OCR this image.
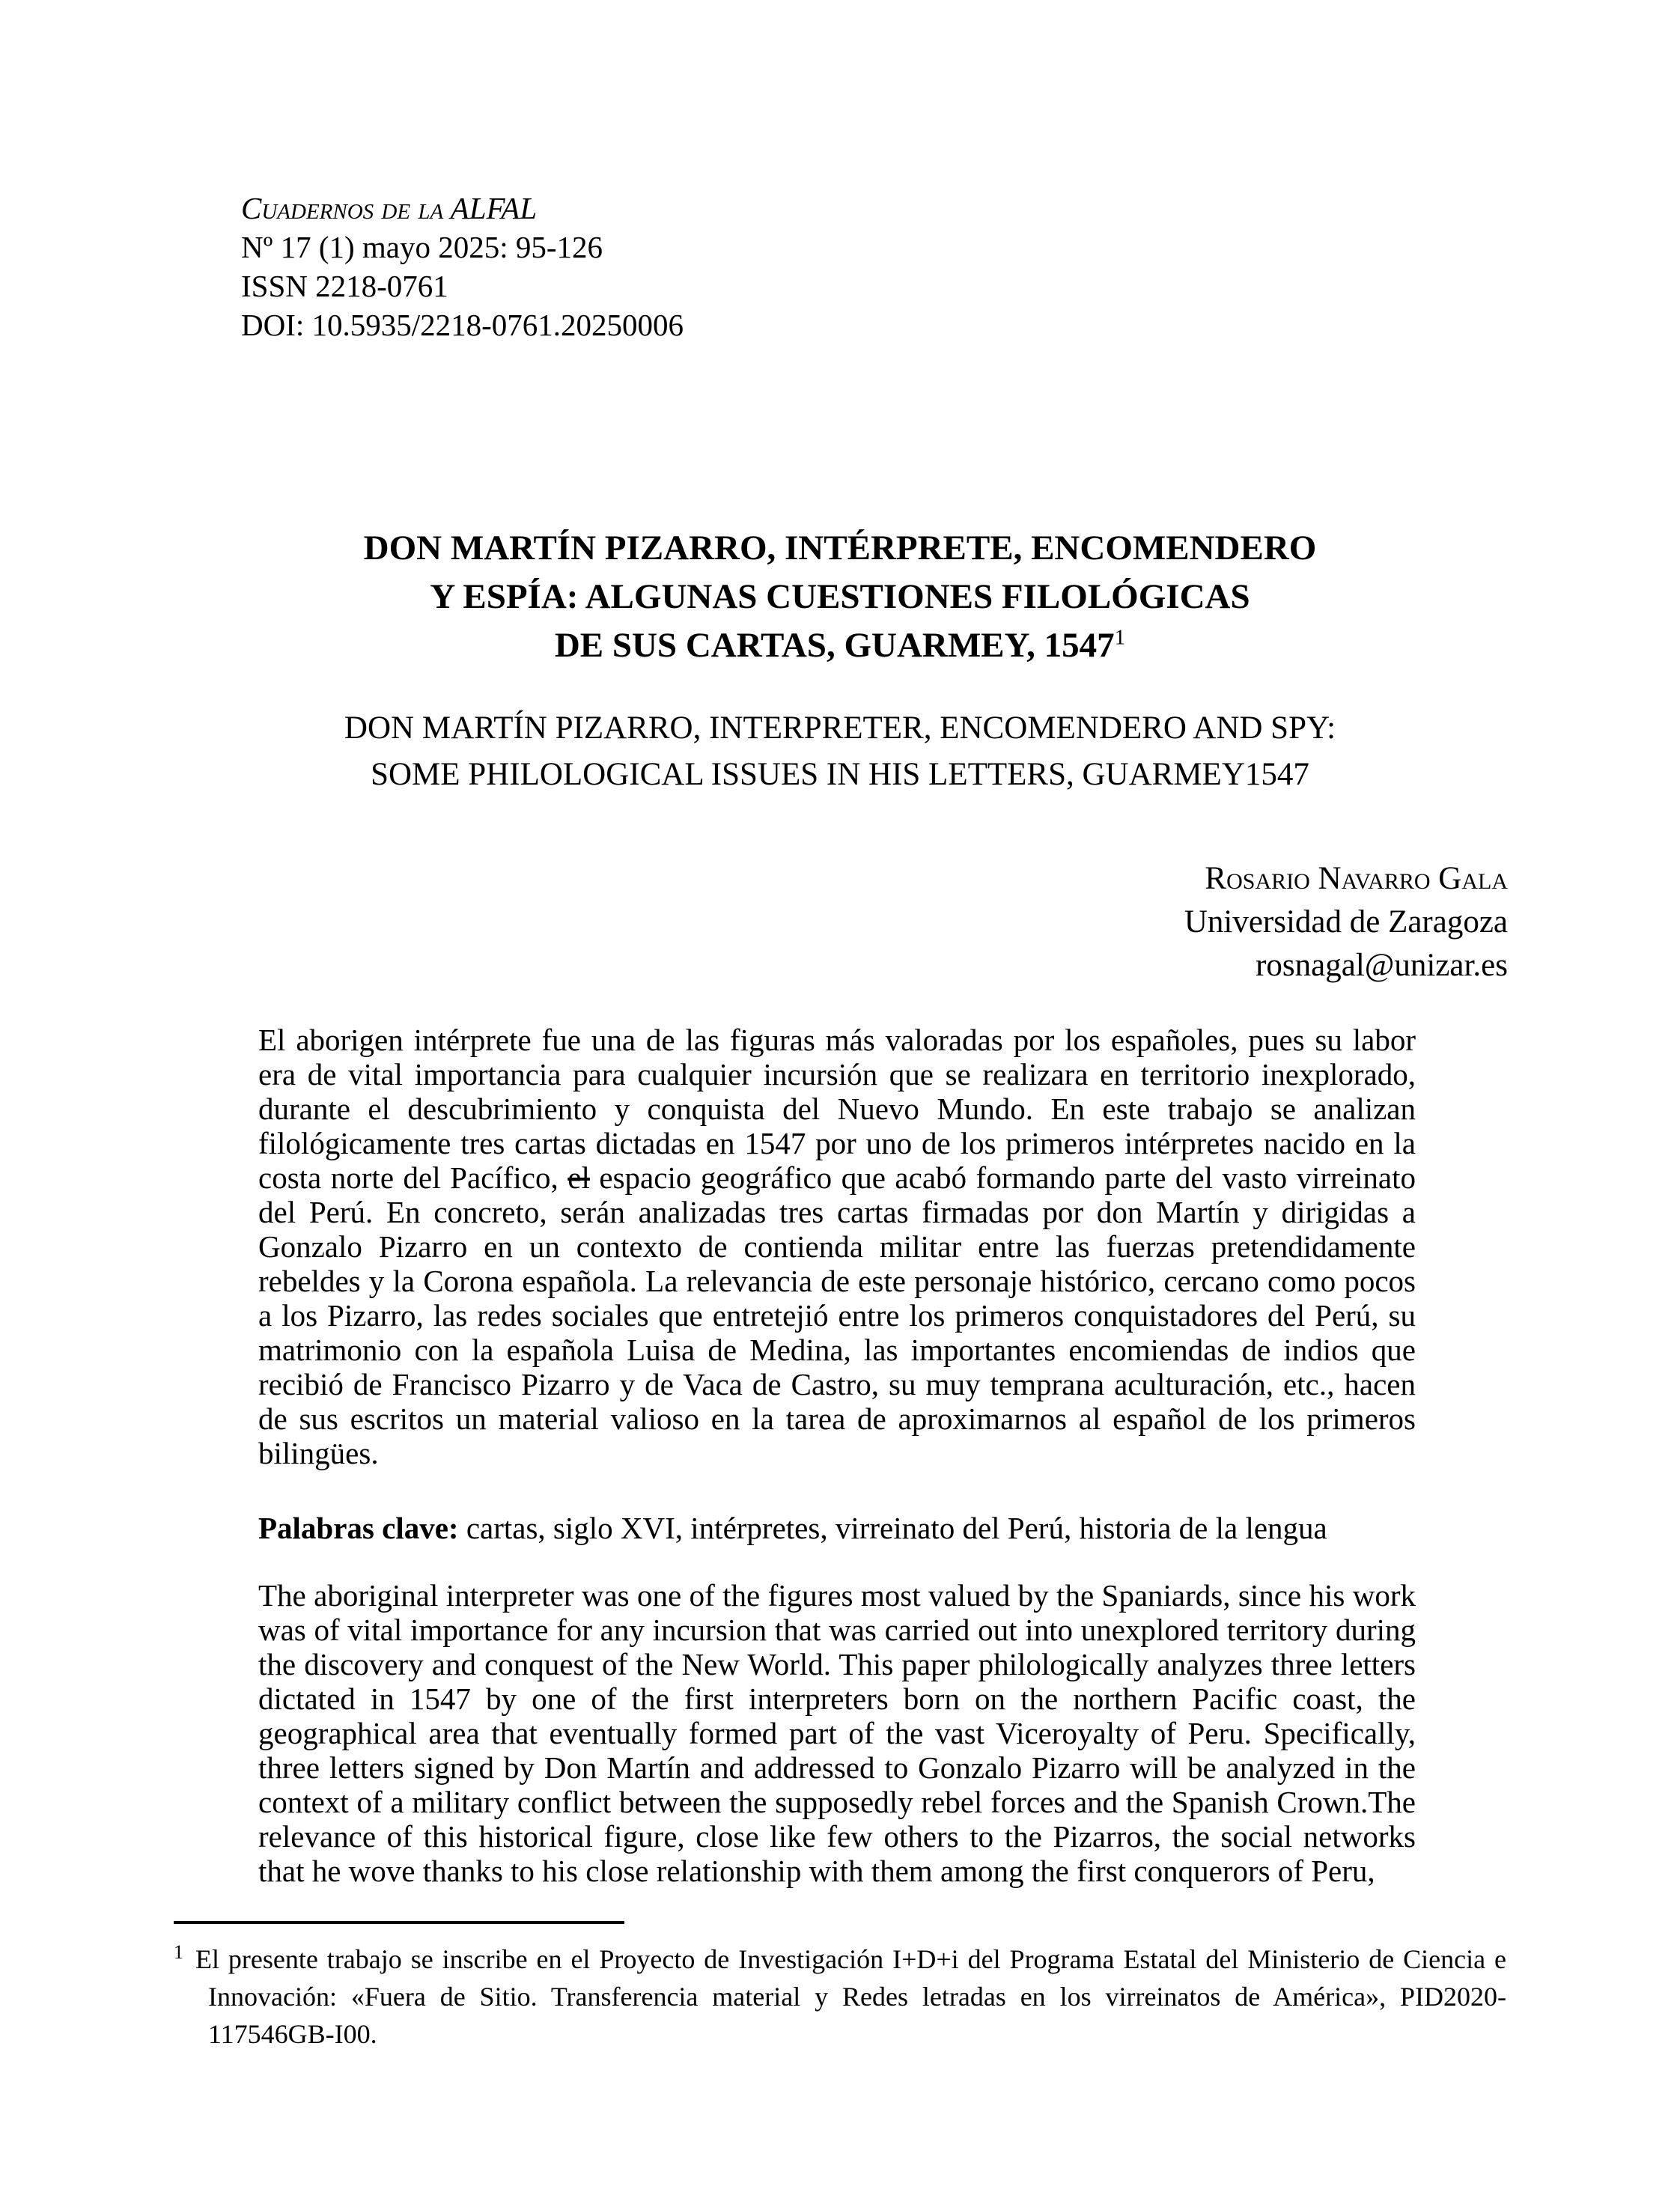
Cuadernos de la ALFAL
Nº 17 (1) mayo 2025: 95-126
ISSN 2218-0761
DOI: 10.5935/2218-0761.20250006
DON MARTÍN PIZARRO, INTÉRPRETE, ENCOMENDERO
Y ESPÍA: ALGUNAS CUESTIONES FILOLÓGICAS
DE SUS CARTAS, GUARMEY, 1547$^1$
DON MARTÍN PIZARRO, INTERPRETER, ENCOMENDERO AND SPY:
SOME PHILOLOGICAL ISSUES IN HIS LETTERS, GUARMEY1547
Rosario Navarro Gala
Universidad de Zaragoza
rosnagal@unizar.es

El aborigen intérprete fue una de las figuras más valoradas por los españoles, pues su labor era de vital importancia para cualquier incursión que se realizara en territorio inexplorado, durante el descubrimiento y conquista del Nuevo Mundo. En este trabajo se analizan filológicamente tres cartas dictadas en 1547 por uno de los primeros intérpretes nacido en la costa norte del Pacífico, el espacio geográfico que acabó formando parte del vasto virreinato del Perú. En concreto, serán analizadas tres cartas firmadas por don Martín y dirigidas a Gonzalo Pizarro en un contexto de contienda militar entre las fuerzas pretendidamente rebeldes y la Corona española. La relevancia de este personaje histórico, cercano como pocos a los Pizarro, las redes sociales que entretejió entre los primeros conquistadores del Perú, su matrimonio con la española Luisa de Medina, las importantes encomiendas de indios que recibió de Francisco Pizarro y de Vaca de Castro, su muy temprana aculturación, etc., hacen de sus escritos un material valioso en la tarea de aproximarnos al español de los primeros bilingües.

Palabras clave: cartas, siglo XVI, intérpretes, virreinato del Perú, historia de la lengua

The aboriginal interpreter was one of the figures most valued by the Spaniards, since his work was of vital importance for any incursion that was carried out into unexplored territory during the discovery and conquest of the New World. This paper philologically analyzes three letters dictated in 1547 by one of the first interpreters born on the northern Pacific coast, the geographical area that eventually formed part of the vast Viceroyalty of Peru. Specifically, three letters signed by Don Martín and addressed to Gonzalo Pizarro will be analyzed in the context of a military conflict between the supposedly rebel forces and the Spanish Crown.The relevance of this historical figure, close like few others to the Pizarros, the social networks that he wove thanks to his close relationship with them among the first conquerors of Peru,

$^1$ El presente trabajo se inscribe en el Proyecto de Investigación I+D+i del Programa Estatal del Ministerio de Ciencia e Innovación: «Fuera de Sitio. Transferencia material y Redes letradas en los virreinatos de América», PID2020-117546GB-I00.
